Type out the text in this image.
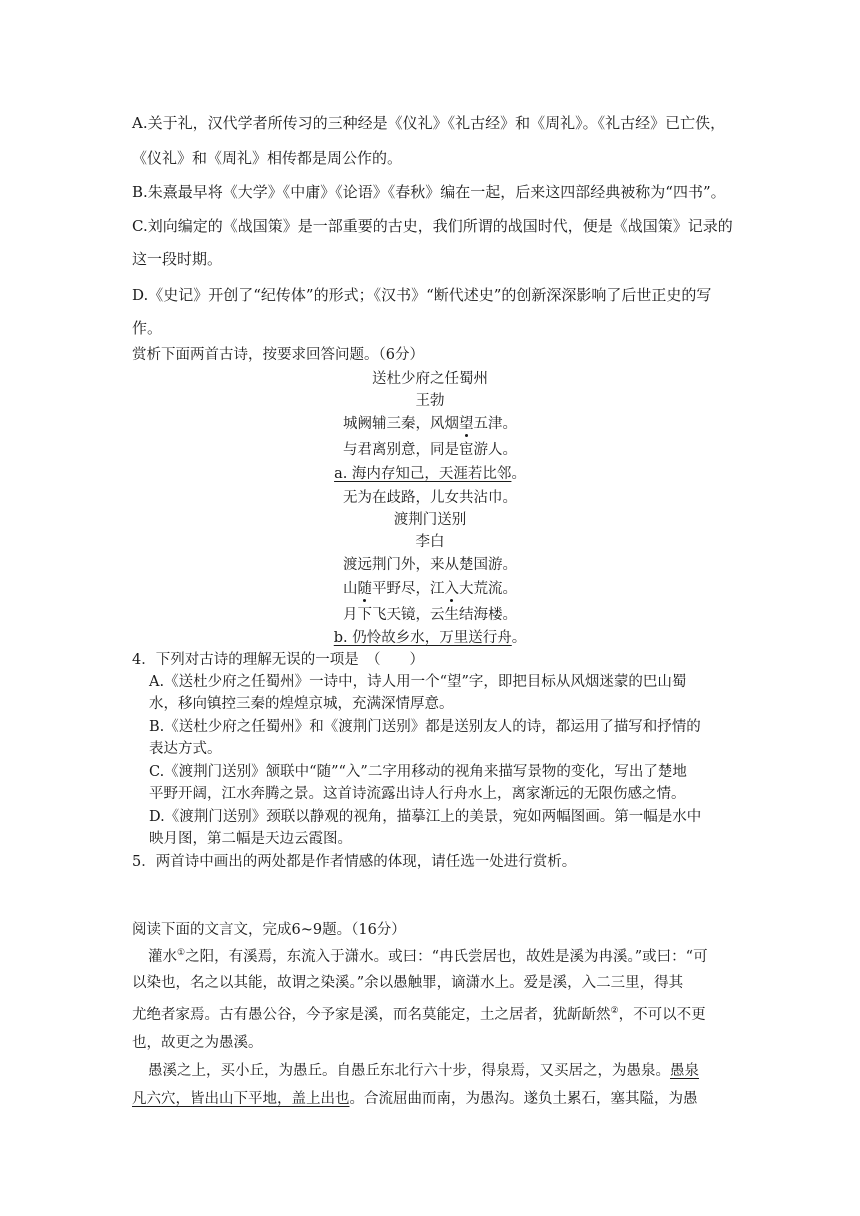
A.关于礼，汉代学者所传习的三种经是《仪礼》《礼古经》和《周礼》。《礼古经》已亡佚，
《仪礼》和《周礼》相传都是周公作的。
B.朱熹最早将《大学》《中庸》《论语》《春秋》编在一起，后来这四部经典被称为“四书”。
C.刘向编定的《战国策》是一部重要的古史，我们所谓的战国时代，便是《战国策》记录的
这一段时期。
D.《史记》开创了“纪传体”的形式；《汉书》“断代述史”的创新深深影响了后世正史的写
作。
赏析下面两首古诗，按要求回答问题。（6分）
送杜少府之任蜀州
王勃
城阙辅三秦，风烟望五津。
与君离别意，同是宦游人。
a. 海内存知己，天涯若比邻。
无为在歧路，儿女共沾巾。
渡荆门送别
李白
渡远荆门外，来从楚国游。
山随平野尽，江入大荒流。
月下飞天镜，云生结海楼。
b. 仍怜故乡水，万里送行舟。
4．下列对古诗的理解无误的一项是　（　　）
A.《送杜少府之任蜀州》一诗中，诗人用一个“望”字，即把目标从风烟迷蒙的巴山蜀
水，移向镇控三秦的煌煌京城，充满深情厚意。
B.《送杜少府之任蜀州》和《渡荆门送别》都是送别友人的诗，都运用了描写和抒情的
表达方式。
C.《渡荆门送别》颔联中“随”“入”二字用移动的视角来描写景物的变化，写出了楚地
平野开阔，江水奔腾之景。这首诗流露出诗人行舟水上，离家渐远的无限伤感之情。
D.《渡荆门送别》颈联以静观的视角，描摹江上的美景，宛如两幅图画。第一幅是水中
映月图，第二幅是天边云霞图。
5．两首诗中画出的两处都是作者情感的体现，请任选一处进行赏析。
阅读下面的文言文，完成6~9题。（16分）
灌水①之阳，有溪焉，东流入于潇水。或曰：“冉氏尝居也，故姓是溪为冉溪。”或曰：“可
以染也，名之以其能，故谓之染溪。”余以愚触罪，谪潇水上。爱是溪，入二三里，得其
尤绝者家焉。古有愚公谷，今予家是溪，而名莫能定，土之居者，犹龂龂然②，不可以不更
也，故更之为愚溪。
愚溪之上，买小丘，为愚丘。自愚丘东北行六十步，得泉焉，又买居之，为愚泉。愚泉
凡六穴，皆出山下平地，盖上出也。合流屈曲而南，为愚沟。遂负土累石，塞其隘，为愚
